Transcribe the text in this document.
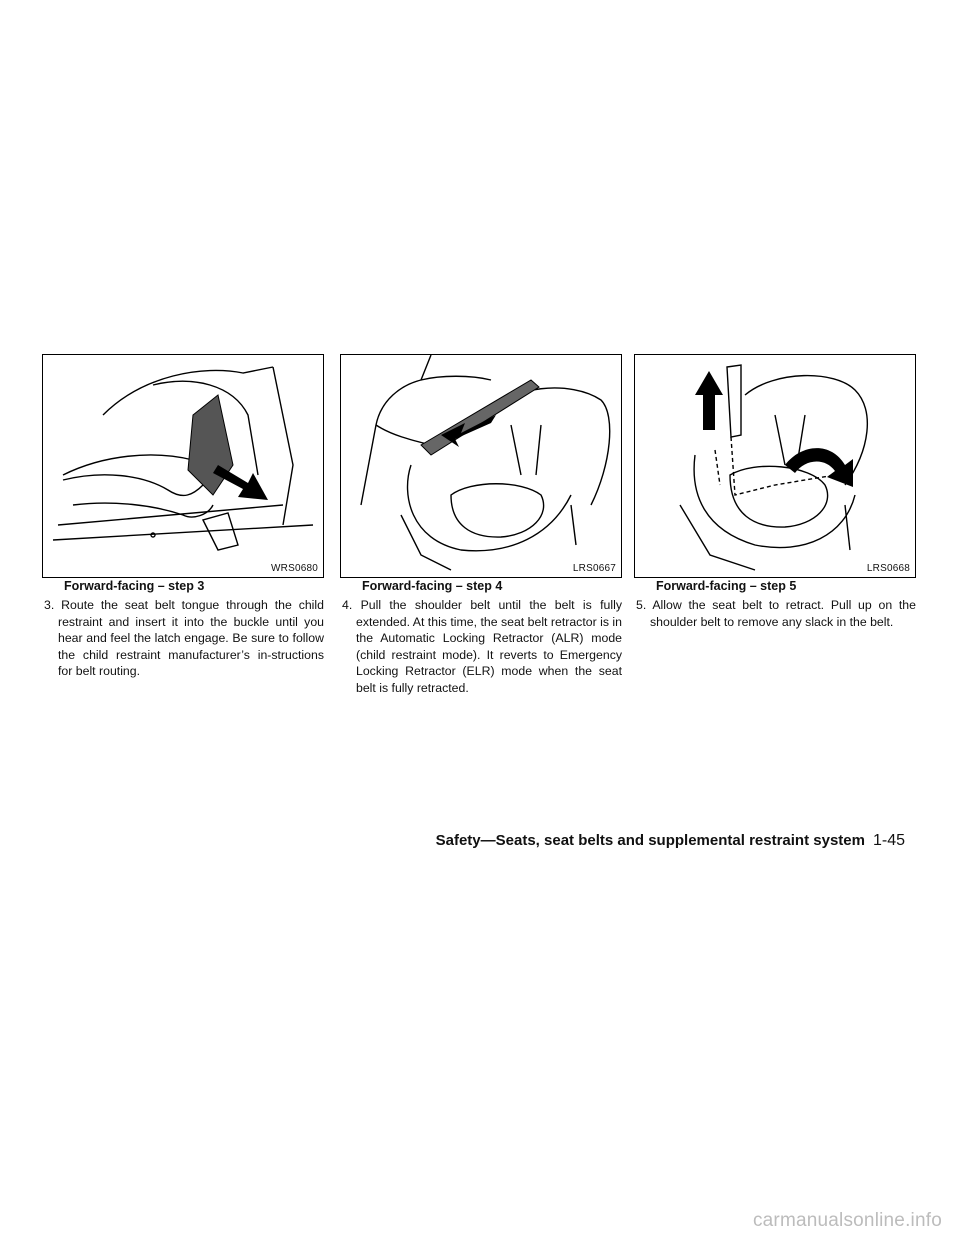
WRS0680
Forward-facing – step 3
3. Route the seat belt tongue through the child restraint and insert it into the buckle until you hear and feel the latch engage. Be sure to follow the child restraint manufacturer’s in-structions for belt routing.
LRS0667
Forward-facing – step 4
4. Pull the shoulder belt until the belt is fully extended. At this time, the seat belt retractor is in the Automatic Locking Retractor (ALR) mode (child restraint mode). It reverts to Emergency Locking Retractor (ELR) mode when the seat belt is fully retracted.
LRS0668
Forward-facing – step 5
5. Allow the seat belt to retract. Pull up on the shoulder belt to remove any slack in the belt.
Safety—Seats, seat belts and supplemental restraint system 1-45
carmanualsonline.info
